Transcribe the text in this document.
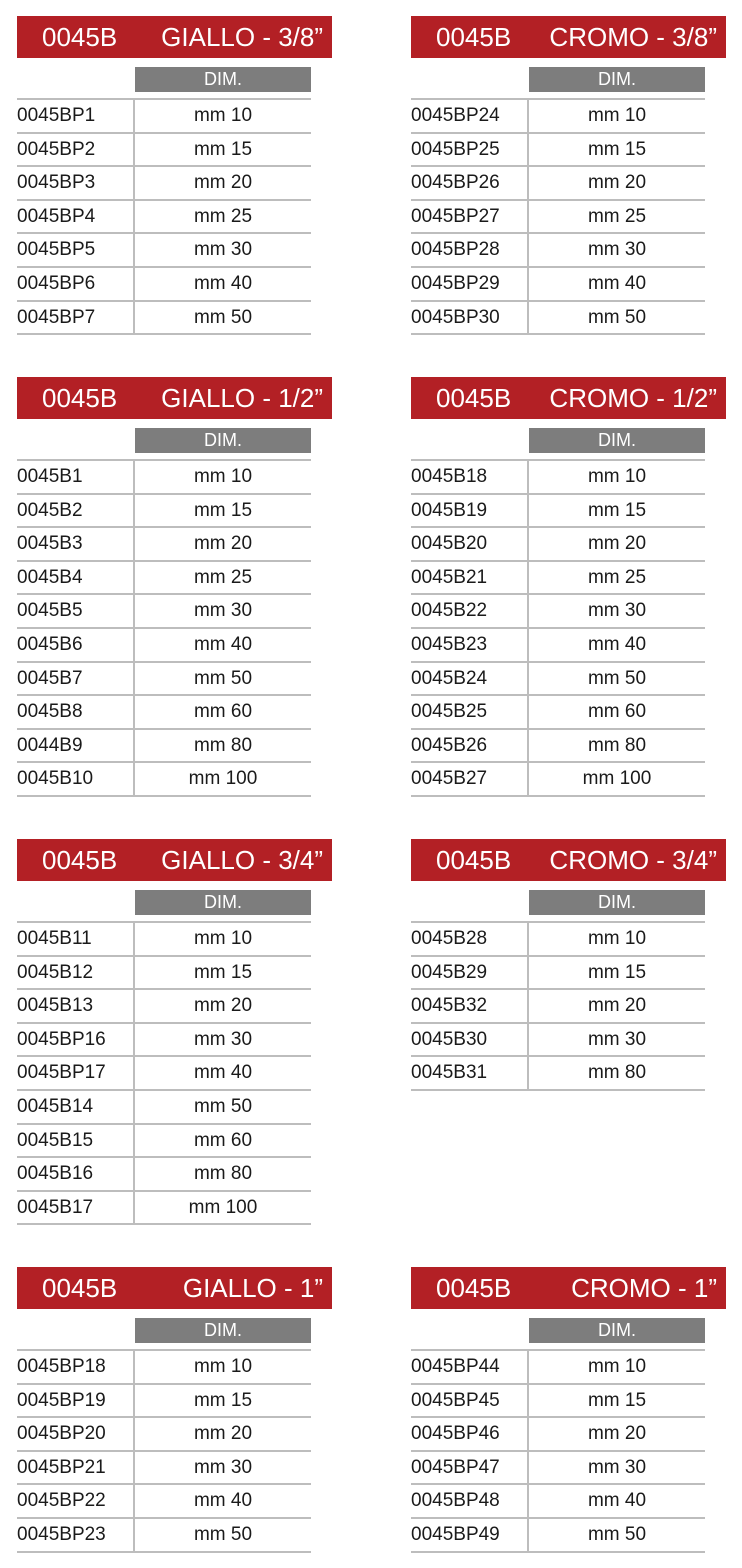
0045B GIALLO - 3/8”
DIM.
0045BP1	mm 10
0045BP2	mm 15
0045BP3	mm 20
0045BP4	mm 25
0045BP5	mm 30
0045BP6	mm 40
0045BP7	mm 50
0045B CROMO - 3/8”
DIM.
0045BP24	mm 10
0045BP25	mm 15
0045BP26	mm 20
0045BP27	mm 25
0045BP28	mm 30
0045BP29	mm 40
0045BP30	mm 50
0045B GIALLO - 1/2”
DIM.
0045B1	mm 10
0045B2	mm 15
0045B3	mm 20
0045B4	mm 25
0045B5	mm 30
0045B6	mm 40
0045B7	mm 50
0045B8	mm 60
0044B9	mm 80
0045B10	mm 100
0045B CROMO - 1/2”
DIM.
0045B18	mm 10
0045B19	mm 15
0045B20	mm 20
0045B21	mm 25
0045B22	mm 30
0045B23	mm 40
0045B24	mm 50
0045B25	mm 60
0045B26	mm 80
0045B27	mm 100
0045B GIALLO - 3/4”
DIM.
0045B11	mm 10
0045B12	mm 15
0045B13	mm 20
0045BP16	mm 30
0045BP17	mm 40
0045B14	mm 50
0045B15	mm 60
0045B16	mm 80
0045B17	mm 100
0045B CROMO - 3/4”
DIM.
0045B28	mm 10
0045B29	mm 15
0045B32	mm 20
0045B30	mm 30
0045B31	mm 80
0045B	GIALLO - 1”
DIM.
0045BP18	mm 10
0045BP19	mm 15
0045BP20	mm 20
0045BP21	mm 30
0045BP22	mm 40
0045BP23	mm 50
0045B CROMO - 1”
DIM.
0045BP44	mm 10
0045BP45	mm 15
0045BP46	mm 20
0045BP47	mm 30
0045BP48	mm 40
0045BP49	mm 50
